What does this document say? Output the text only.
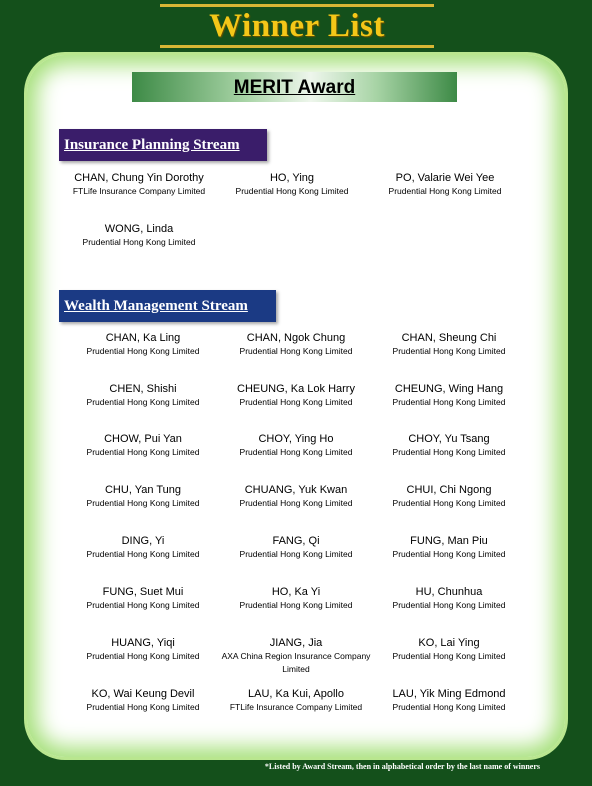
Winner List
MERIT Award
Insurance Planning Stream
CHAN, Chung Yin Dorothy
FTLife Insurance Company Limited
HO, Ying
Prudential Hong Kong Limited
PO, Valarie Wei Yee
Prudential Hong Kong Limited
WONG, Linda
Prudential Hong Kong Limited
Wealth Management Stream
CHAN, Ka Ling
Prudential Hong Kong Limited
CHAN, Ngok Chung
Prudential Hong Kong Limited
CHAN, Sheung Chi
Prudential Hong Kong Limited
CHEN, Shishi
Prudential Hong Kong Limited
CHEUNG, Ka Lok Harry
Prudential Hong Kong Limited
CHEUNG, Wing Hang
Prudential Hong Kong Limited
CHOW, Pui Yan
Prudential Hong Kong Limited
CHOY, Ying Ho
Prudential Hong Kong Limited
CHOY, Yu Tsang
Prudential Hong Kong Limited
CHU, Yan Tung
Prudential Hong Kong Limited
CHUANG, Yuk Kwan
Prudential Hong Kong Limited
CHUI, Chi Ngong
Prudential Hong Kong Limited
DING, Yi
Prudential Hong Kong Limited
FANG, Qi
Prudential Hong Kong Limited
FUNG, Man Piu
Prudential Hong Kong Limited
FUNG, Suet Mui
Prudential Hong Kong Limited
HO, Ka Yi
Prudential Hong Kong Limited
HU, Chunhua
Prudential Hong Kong Limited
HUANG, Yiqi
Prudential Hong Kong Limited
JIANG, Jia
AXA China Region Insurance Company Limited
KO, Lai Ying
Prudential Hong Kong Limited
KO, Wai Keung Devil
Prudential Hong Kong Limited
LAU, Ka Kui, Apollo
FTLife Insurance Company Limited
LAU, Yik Ming Edmond
Prudential Hong Kong Limited
*Listed by Award Stream, then in alphabetical order by the last name of winners
